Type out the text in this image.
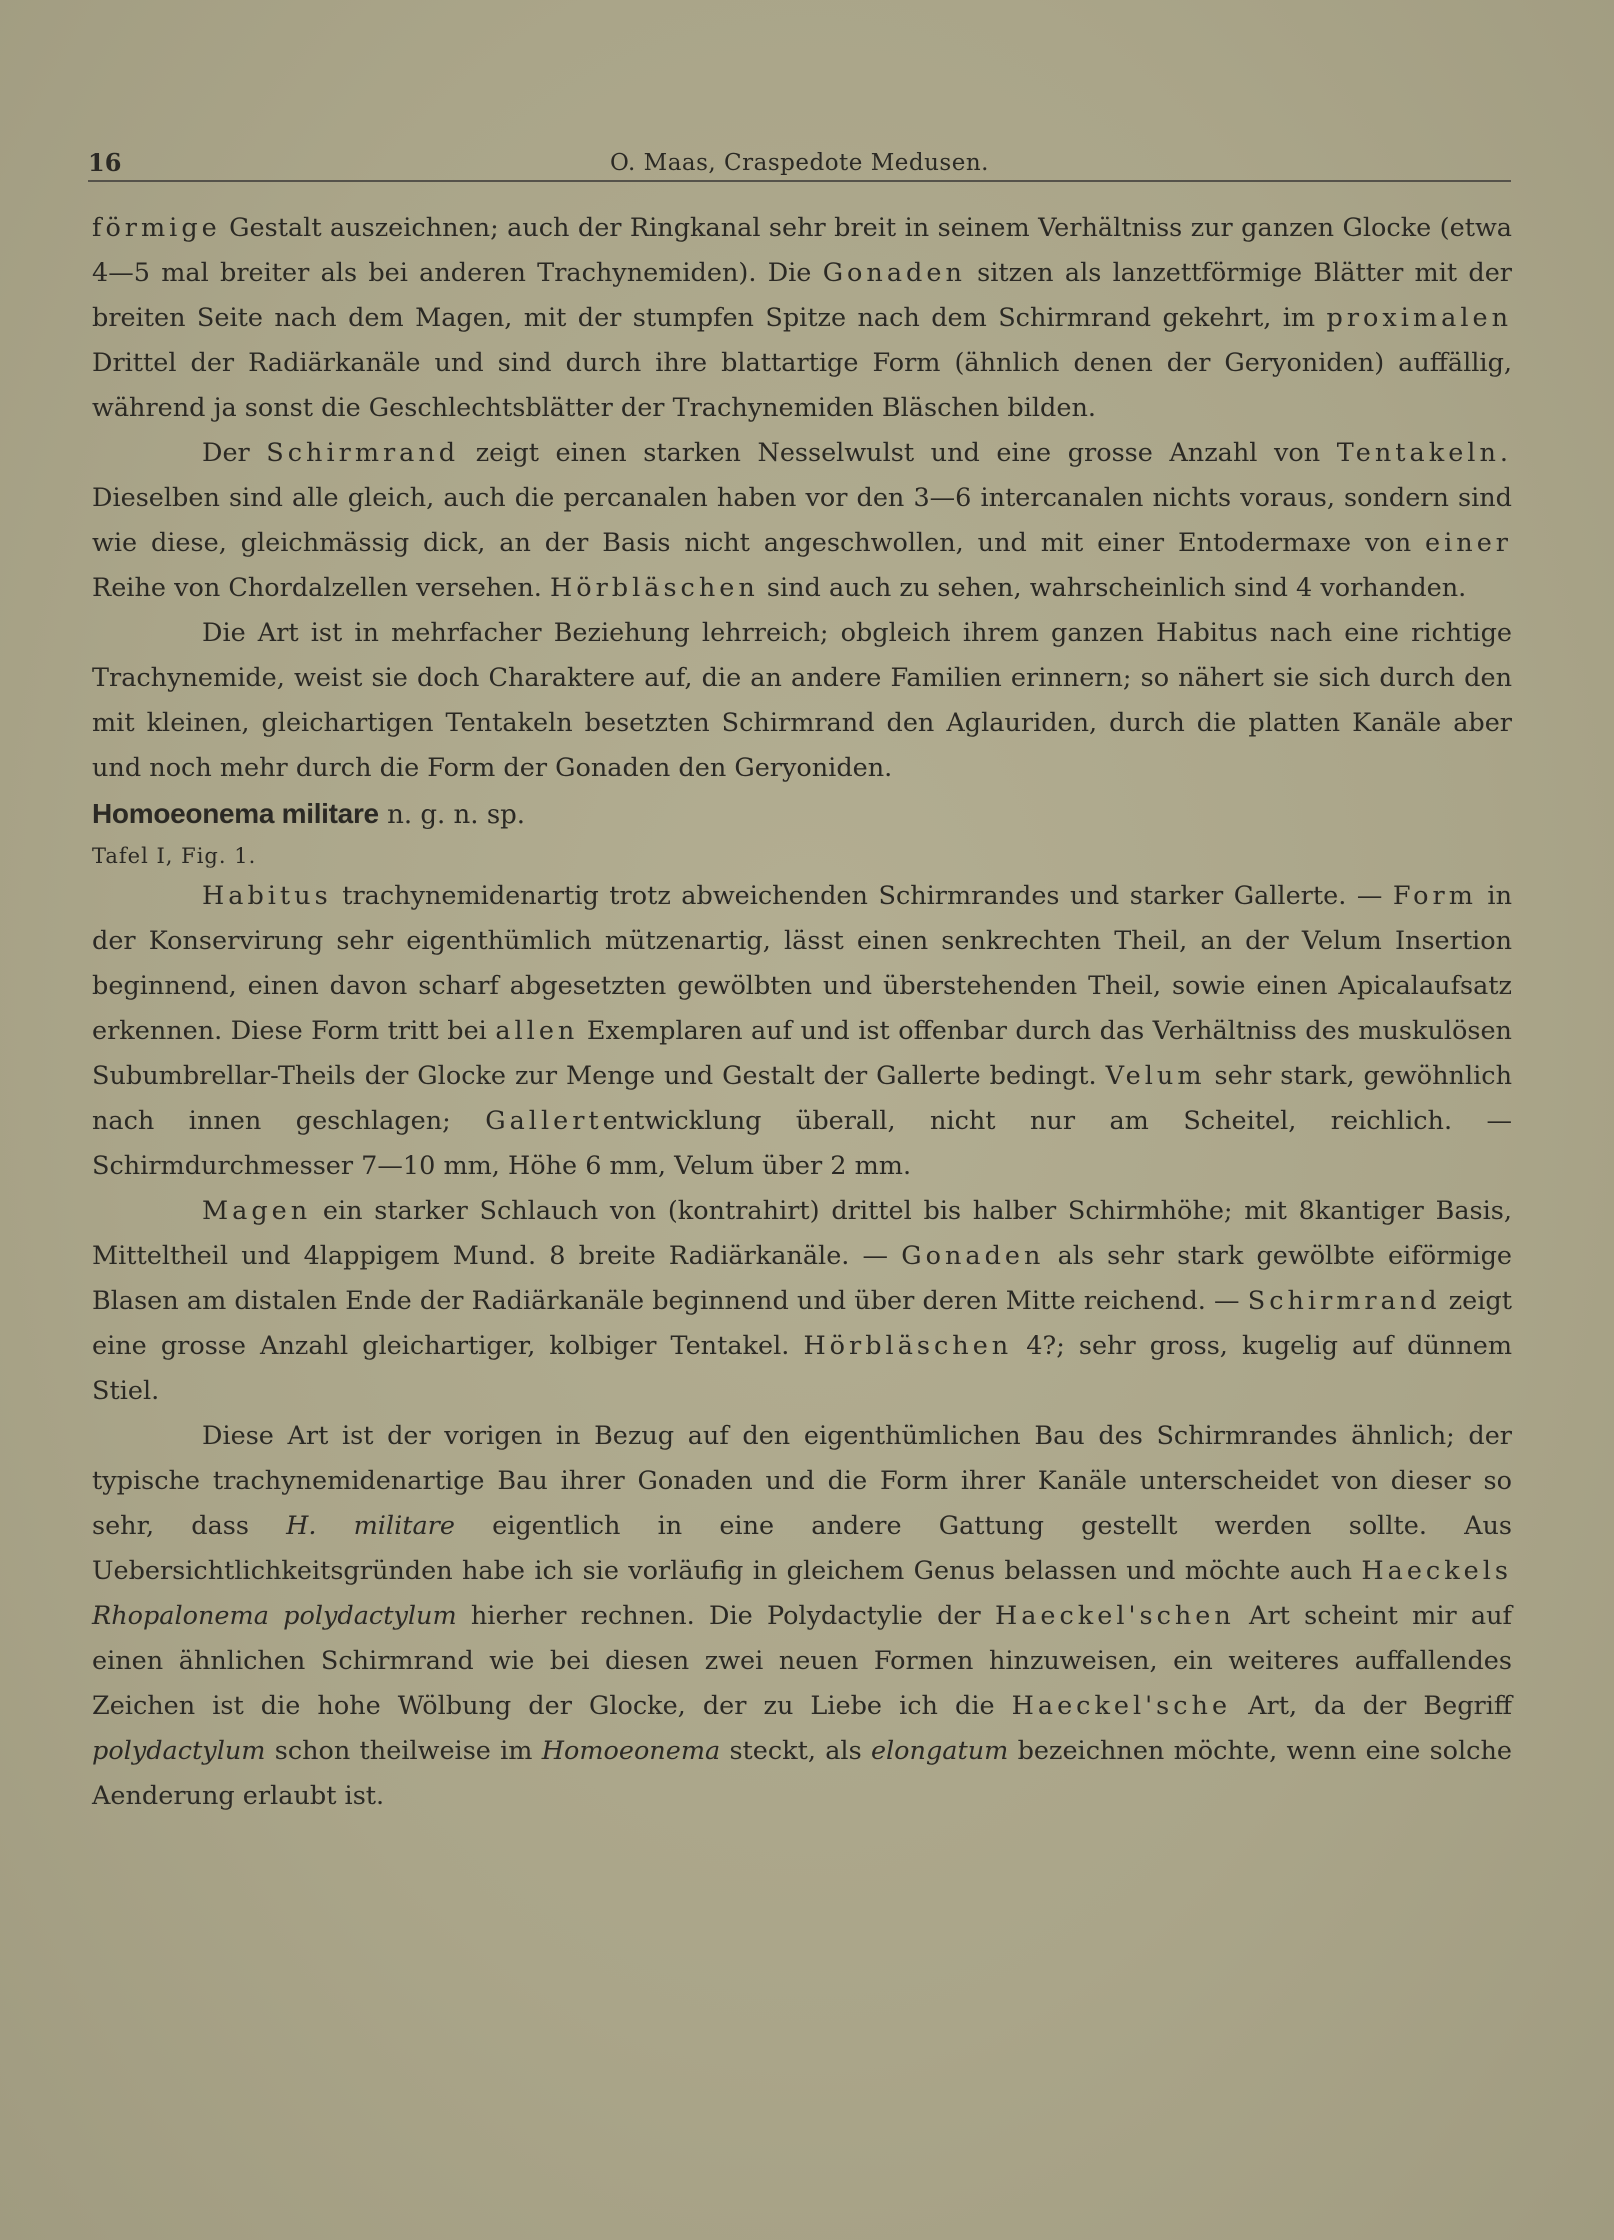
16	O. Maas, Craspedote Medusen.

förmige Gestalt auszeichnen; auch der Ringkanal sehr breit in seinem Verhältniss zur ganzen Glocke (etwa 4—5 mal breiter als bei anderen Trachynemiden). Die Gonaden sitzen als lanzettförmige Blätter mit der breiten Seite nach dem Magen, mit der stumpfen Spitze nach dem Schirmrand gekehrt, im proximalen Drittel der Radiärkanäle und sind durch ihre blattartige Form (ähnlich denen der Geryoniden) auffällig, während ja sonst die Geschlechtsblätter der Trachynemiden Bläschen bilden.

Der Schirmrand zeigt einen starken Nesselwulst und eine grosse Anzahl von Tentakeln. Dieselben sind alle gleich, auch die percanalen haben vor den 3—6 intercanalen nichts voraus, sondern sind wie diese, gleichmässig dick, an der Basis nicht angeschwollen, und mit einer Entodermaxe von einer Reihe von Chordalzellen versehen. Hörbläschen sind auch zu sehen, wahrscheinlich sind 4 vorhanden.

Die Art ist in mehrfacher Beziehung lehrreich; obgleich ihrem ganzen Habitus nach eine richtige Trachynemide, weist sie doch Charaktere auf, die an andere Familien erinnern; so nähert sie sich durch den mit kleinen, gleichartigen Tentakeln besetzten Schirmrand den Aglauriden, durch die platten Kanäle aber und noch mehr durch die Form der Gonaden den Geryoniden.

Homoeonema militare n. g. n. sp.

Tafel I, Fig. 1.

Habitus trachynemidenartig trotz abweichenden Schirmrandes und starker Gallerte. — Form in der Konservirung sehr eigenthümlich mützenartig, lässt einen senkrechten Theil, an der Velum Insertion beginnend, einen davon scharf abgesetzten gewölbten und überstehenden Theil, sowie einen Apicalaufsatz erkennen. Diese Form tritt bei allen Exemplaren auf und ist offenbar durch das Verhältniss des muskulösen Subumbrellar-Theils der Glocke zur Menge und Gestalt der Gallerte bedingt. Velum sehr stark, gewöhnlich nach innen geschlagen; Gallertentwicklung überall, nicht nur am Scheitel, reichlich. — Schirmdurchmesser 7—10 mm, Höhe 6 mm, Velum über 2 mm.

Magen ein starker Schlauch von (kontrahirt) drittel bis halber Schirmhöhe; mit 8kantiger Basis, Mitteltheil und 4lappigem Mund. 8 breite Radiärkanäle. — Gonaden als sehr stark gewölbte eiförmige Blasen am distalen Ende der Radiärkanäle beginnend und über deren Mitte reichend. — Schirmrand zeigt eine grosse Anzahl gleichartiger, kolbiger Tentakel. Hörbläschen 4?; sehr gross, kugelig auf dünnem Stiel.

Diese Art ist der vorigen in Bezug auf den eigenthümlichen Bau des Schirmrandes ähnlich; der typische trachynemidenartige Bau ihrer Gonaden und die Form ihrer Kanäle unterscheidet von dieser so sehr, dass H. militare eigentlich in eine andere Gattung gestellt werden sollte. Aus Uebersichtlichkeitsgründen habe ich sie vorläufig in gleichem Genus belassen und möchte auch Haeckels Rhopalonema polydactylum hierher rechnen. Die Polydactylie der Haeckel'schen Art scheint mir auf einen ähnlichen Schirmrand wie bei diesen zwei neuen Formen hinzuweisen, ein weiteres auffallendes Zeichen ist die hohe Wölbung der Glocke, der zu Liebe ich die Haeckel'sche Art, da der Begriff polydactylum schon theilweise im Homoeonema steckt, als elongatum bezeichnen möchte, wenn eine solche Aenderung erlaubt ist.
